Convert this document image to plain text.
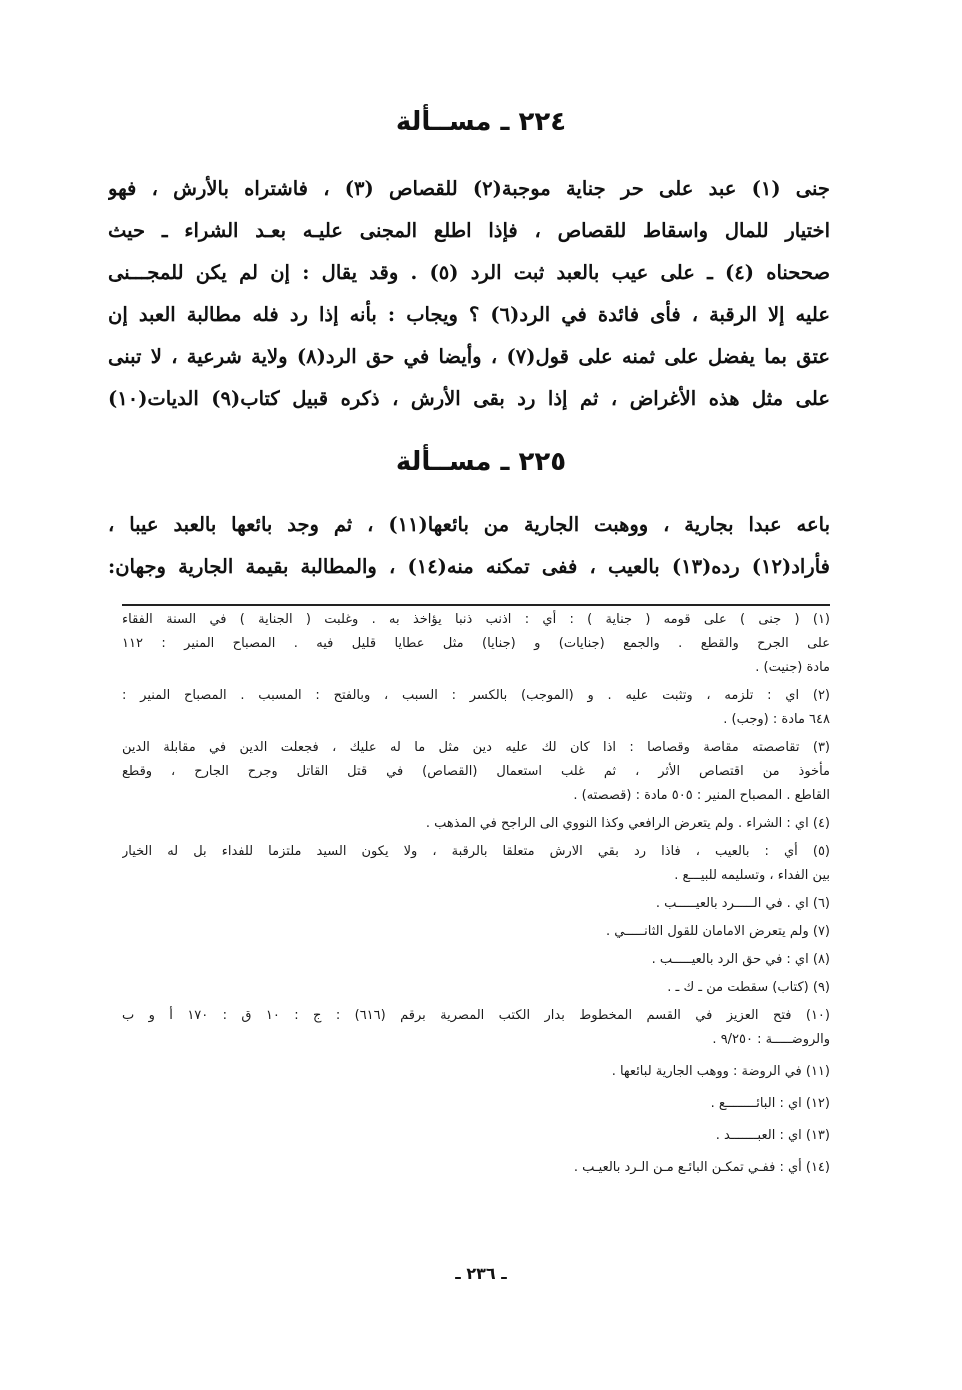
٢٢٤ ـ مســألة
جنى (١) عبد على حر جناية موجبة(٢) للقصاص (٣) ، فاشتراه بالأرش ، فهو
اختيار للمال واسقاط للقصاص ، فإذا اطلع المجنى عليـه بعـد الشراء ـ حيث
صححناه (٤) ـ على عيب بالعبد ثبت الرد (٥) . وقد يقال : إن لم يكن للمجـــنى
عليه إلا الرقبة ، فأى فائدة في الرد(٦) ؟ ويجاب : بأنه إذا رد فله مطالبة العبد إن
عتق بما يفضل على ثمنه على قول(٧) ، وأيضا في حق الرد(٨) ولاية شرعية ، لا تبنى
على مثل هذه الأغراض ، ثم إذا رد بقى الأرش ، ذكره قبيل كتاب(٩) الديات(١٠)
٢٢٥ ـ مســألة
باعه عبدا بجارية ، ووهبت الجارية من بائعها(١١) ، ثم وجد بائعها بالعبد عيبا ،
فأراد(١٢) رده(١٣) بالعيب ، ففى تمكنه منه(١٤) ، والمطالبة بقيمة الجارية وجهان:
(١) ( جنى ) على قومه ( جناية ) : أي : اذنب ذنبا يؤاخذ به . وغلبت ( الجناية ) في السنة الفقاء
على الجرح والقطع . والجمع (جنايات) و (جنايا) مثل عطايا قليل فيه . المصباح المنير : ١١٢
مادة (جنيت) .
(٢) اي : تلزمه ، وتثبت عليه . و (الموجب) بالكسر : السبب ، وبالفتح : المسبب . المصباح المنير :
٦٤٨ مادة : (وجب) .
(٣) تقاصصته مقاصة وقصاصا : اذا كان لك عليه دين مثل ما له عليك ، فجعلت الدين في مقابلة الدين
مأخوذ من اقتصاص الأثر ، ثم غلب استعمال (القصاص) في قتل القاتل وجرح الجارح ، وقطع
القاطع . المصباح المنير : ٥٠٥ مادة : (قصصته) .
(٤) اي : الشراء . ولم يتعرض الرافعي وكذا النووي الى الراجح في المذهب .
(٥) أي : بالعيب ، فاذا رد بقي الارش متعلقا بالرقبة ، ولا يكون السيد ملتزما للفداء بل له الخيار
بين الفداء ، وتسليمه للبيـــع .
(٦) اي . في الـــــرد بالعيـــــب .
(٧) ولم يتعرض الامامان للقول الثانـــــي .
(٨) اي : في حق الرد بالعيـــــب .
(٩) (كتاب) سقطت من ـ ك ـ .
(١٠) فتح العزيز في القسم المخطوط بدار الكتب المصرية برقم (٦١٦) : ج : ١٠ ق : ١٧٠ أ و ب
والروضـــــة : ٩/٢٥٠ .
(١١) في الروضة : ووهب الجارية لبائعها .
(١٢) اي : البائــــــــع .
(١٣) اي : العبـــــــد .
(١٤) أي : ففـي تمكـن البائـع مـن الـرد بالعيـب .
ـ ٢٣٦ ـ
